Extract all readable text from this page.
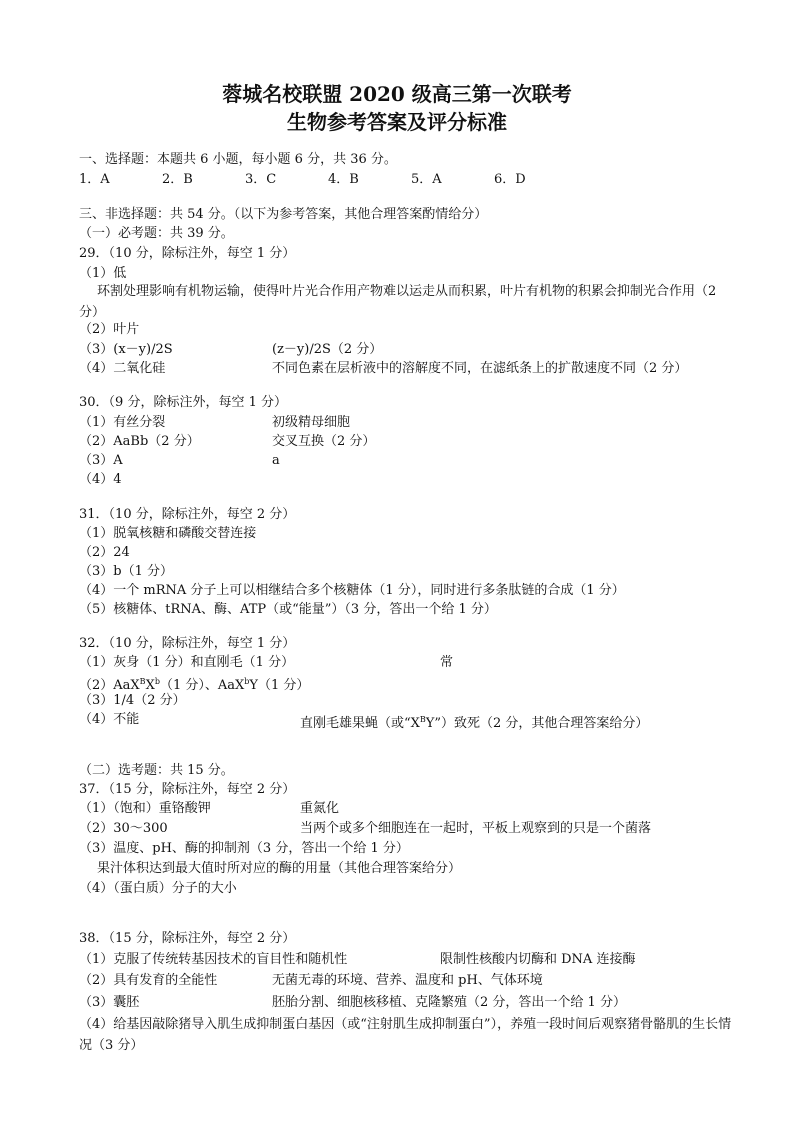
蓉城名校联盟 2020 级高三第一次联考
生物参考答案及评分标准
一、选择题：本题共 6 小题，每小题 6 分，共 36 分。
1．A	2．B	3．C	4．B	5．A	6．D
三、非选择题：共 54 分。（以下为参考答案，其他合理答案酌情给分）
（一）必考题：共 39 分。
29．（10 分，除标注外，每空 1 分）
（1）低
环割处理影响有机物运输，使得叶片光合作用产物难以运走从而积累，叶片有机物的积累会抑制光合作用（2 分）
（2）叶片
（3）(x－y)/2S	(z－y)/2S（2 分）
（4）二氧化硅	不同色素在层析液中的溶解度不同，在滤纸条上的扩散速度不同（2 分）
30．（9 分，除标注外，每空 1 分）
（1）有丝分裂	初级精母细胞
（2）AaBb（2 分）	交叉互换（2 分）
（3）A	a
（4）4
31．（10 分，除标注外，每空 2 分）
（1）脱氧核糖和磷酸交替连接
（2）24
（3）b（1 分）
（4）一个 mRNA 分子上可以相继结合多个核糖体（1 分），同时进行多条肽链的合成（1 分）
（5）核糖体、tRNA、酶、ATP（或“能量”）（3 分，答出一个给 1 分）
32．（10 分，除标注外，每空 1 分）
（1）灰身（1 分）和直刚毛（1 分）	常
$(2)AaX^BX^b(1$ 分）、AaX$^b$Y（1 分）
（3）1/4（2 分）
（4）不能	直刚毛雄果蝇（或“$X^BY$”）致死（2 分，其他合理答案给分）
（二）选考题：共 15 分。
37．（15 分，除标注外，每空 2 分）
（1）（饱和）重铬酸钾	重氮化
（2）30～300	当两个或多个细胞连在一起时，平板上观察到的只是一个菌落
（3）温度、pH、酶的抑制剂（3 分，答出一个给 1 分）
果汁体积达到最大值时所对应的酶的用量（其他合理答案给分）
（4）（蛋白质）分子的大小
38．（15 分，除标注外，每空 2 分）
（1）克服了传统转基因技术的盲目性和随机性	限制性核酸内切酶和 DNA 连接酶
（2）具有发育的全能性	无菌无毒的环境、营养、温度和 pH、气体环境
（3）囊胚	胚胎分割、细胞核移植、克隆繁殖（2 分，答出一个给 1 分）
（4）给基因敲除猪导入肌生成抑制蛋白基因（或“注射肌生成抑制蛋白”），养殖一段时间后观察猪骨骼肌的生长情况（3 分）
